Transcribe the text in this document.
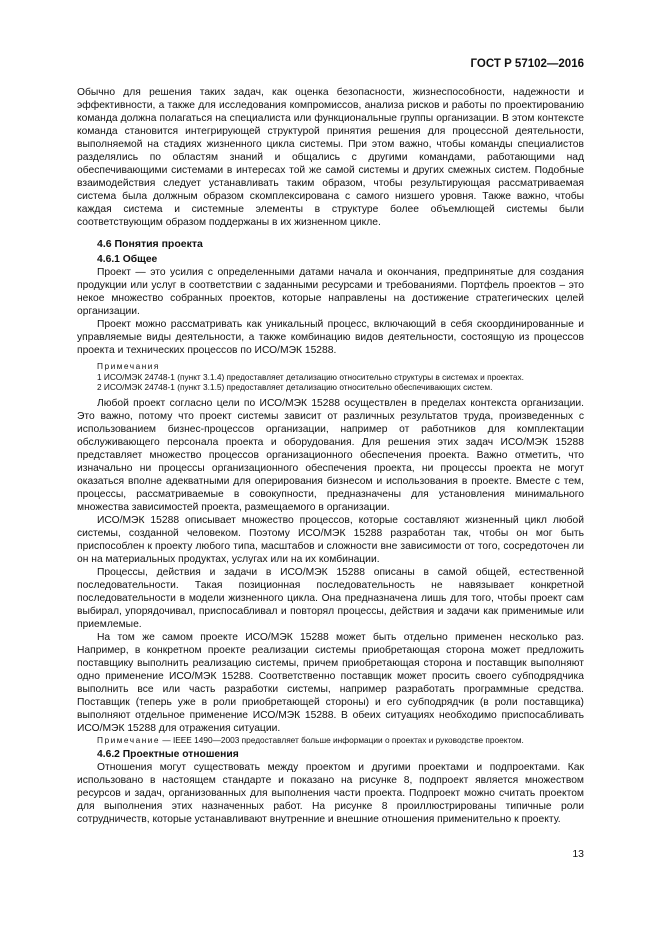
ГОСТ Р 57102—2016

Обычно для решения таких задач, как оценка безопасности, жизнеспособности, надежности и эффективности, а также для исследования компромиссов, анализа рисков и работы по проектированию команда должна полагаться на специалиста или функциональные группы организации. В этом контексте команда становится интегрирующей структурой принятия решения для процессной деятельности, выполняемой на стадиях жизненного цикла системы. При этом важно, чтобы команды специалистов разделялись по областям знаний и общались с другими командами, работающими над обеспечивающими системами в интересах той же самой системы и других смежных систем. Подобные взаимодействия следует устанавливать таким образом, чтобы результирующая рассматриваемая система была должным образом скомплексирована с самого низшего уровня. Также важно, чтобы каждая система и системные элементы в структуре более объемлющей системы были соответствующим образом поддержаны в их жизненном цикле.

4.6 Понятия проекта
4.6.1 Общее

Проект — это усилия с определенными датами начала и окончания, предпринятые для создания продукции или услуг в соответствии с заданными ресурсами и требованиями. Портфель проектов – это некое множество собранных проектов, которые направлены на достижение стратегических целей организации.

Проект можно рассматривать как уникальный процесс, включающий в себя скоординированные и управляемые виды деятельности, а также комбинацию видов деятельности, состоящую из процессов проекта и технических процессов по ИСО/МЭК 15288.

Примечания

1 ИСО/МЭК 24748-1 (пункт 3.1.4) предоставляет детализацию относительно структуры в системах и проектах.

2 ИСО/МЭК 24748-1 (пункт 3.1.5) предоставляет детализацию относительно обеспечивающих систем.

Любой проект согласно цели по ИСО/МЭК 15288 осуществлен в пределах контекста организации. Это важно, потому что проект системы зависит от различных результатов труда, произведенных с использованием бизнес-процессов организации, например от работников для комплектации обслуживающего персонала проекта и оборудования. Для решения этих задач ИСО/МЭК 15288 представляет множество процессов организационного обеспечения проекта. Важно отметить, что изначально ни процессы организационного обеспечения проекта, ни процессы проекта не могут оказаться вполне адекватными для оперирования бизнесом и использования в проекте. Вместе с тем, процессы, рассматриваемые в совокупности, предназначены для установления минимального множества зависимостей проекта, размещаемого в организации.

ИСО/МЭК 15288 описывает множество процессов, которые составляют жизненный цикл любой системы, созданной человеком. Поэтому ИСО/МЭК 15288 разработан так, чтобы он мог быть приспособлен к проекту любого типа, масштабов и сложности вне зависимости от того, сосредоточен ли он на материальных продуктах, услугах или на их комбинации.

Процессы, действия и задачи в ИСО/МЭК 15288 описаны в самой общей, естественной последовательности. Такая позиционная последовательность не навязывает конкретной последовательности в модели жизненного цикла. Она предназначена лишь для того, чтобы проект сам выбирал, упорядочивал, приспосабливал и повторял процессы, действия и задачи как применимые или приемлемые.

На том же самом проекте ИСО/МЭК 15288 может быть отдельно применен несколько раз. Например, в конкретном проекте реализации системы приобретающая сторона может предложить поставщику выполнить реализацию системы, причем приобретающая сторона и поставщик выполняют одно применение ИСО/МЭК 15288. Соответственно поставщик может просить своего субподрядчика выполнить все или часть разработки системы, например разработать программные средства. Поставщик (теперь уже в роли приобретающей стороны) и его субподрядчик (в роли поставщика) выполняют отдельное применение ИСО/МЭК 15288. В обеих ситуациях необходимо приспосабливать ИСО/МЭК 15288 для отражения ситуации.

Примечание — IEEE 1490—2003 предоставляет больше информации о проектах и руководстве проектом.

4.6.2 Проектные отношения

Отношения могут существовать между проектом и другими проектами и подпроектами. Как использовано в настоящем стандарте и показано на рисунке 8, подпроект является множеством ресурсов и задач, организованных для выполнения части проекта. Подпроект можно считать проектом для выполнения этих назначенных работ. На рисунке 8 проиллюстрированы типичные роли сотрудничеств, которые устанавливают внутренние и внешние отношения применительно к проекту.

13
